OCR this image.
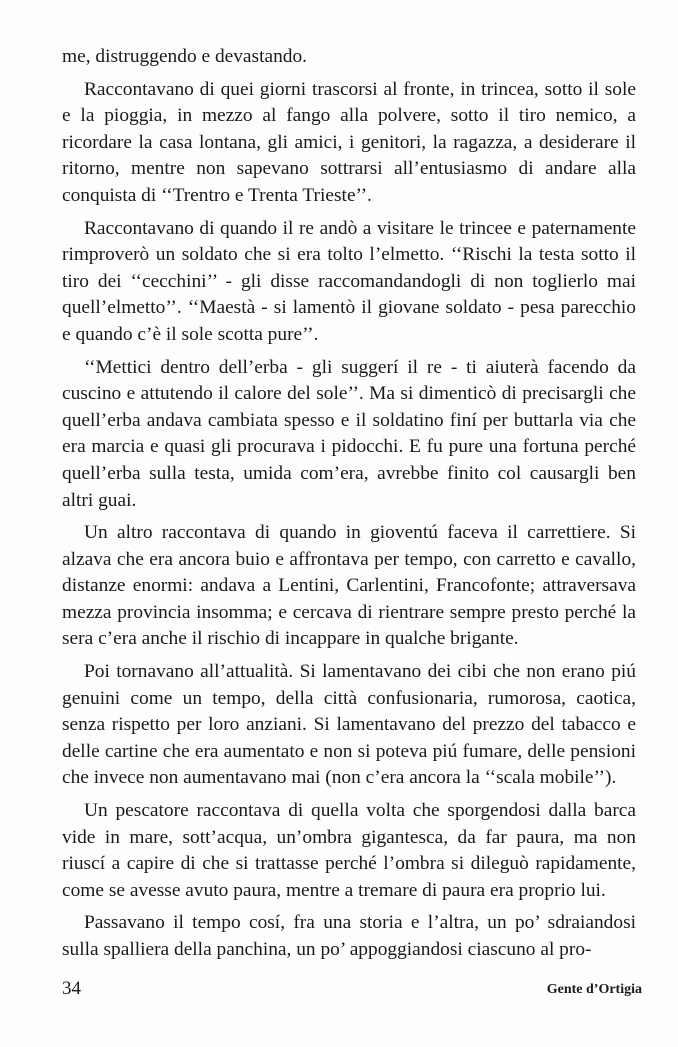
me, distruggendo e devastando.

Raccontavano di quei giorni trascorsi al fronte, in trincea, sotto il sole e la pioggia, in mezzo al fango alla polvere, sotto il tiro nemico, a ricordare la casa lontana, gli amici, i genitori, la ragazza, a desiderare il ritorno, mentre non sapevano sottrarsi all’entusiasmo di andare alla conquista di ‘‘Trentro e Trenta Trieste’’.

Raccontavano di quando il re andò a visitare le trincee e paternamente rimproverò un soldato che si era tolto l’elmetto. ‘‘Rischi la testa sotto il tiro dei ‘‘cecchini’’ - gli disse raccomandandogli di non toglierlo mai quell’elmetto’’. ‘‘Maestà - si lamentò il giovane soldato - pesa parecchio e quando c’è il sole scotta pure’’.

‘‘Mettici dentro dell’erba - gli suggerí il re - ti aiuterà facendo da cuscino e attutendo il calore del sole’’. Ma si dimenticò di precisargli che quell’erba andava cambiata spesso e il soldatino finí per buttarla via che era marcia e quasi gli procurava i pidocchi. E fu pure una fortuna perché quell’erba sulla testa, umida com’era, avrebbe finito col causargli ben altri guai.

Un altro raccontava di quando in gioventú faceva il carrettiere. Si alzava che era ancora buio e affrontava per tempo, con carretto e cavallo, distanze enormi: andava a Lentini, Carlentini, Francofonte; attraversava mezza provincia insomma; e cercava di rientrare sempre presto perché la sera c’era anche il rischio di incappare in qualche brigante.

Poi tornavano all’attualità. Si lamentavano dei cibi che non erano piú genuini come un tempo, della città confusionaria, rumorosa, caotica, senza rispetto per loro anziani. Si lamentavano del prezzo del tabacco e delle cartine che era aumentato e non si poteva piú fumare, delle pensioni che invece non aumentavano mai (non c’era ancora la ‘‘scala mobile’’).

Un pescatore raccontava di quella volta che sporgendosi dalla barca vide in mare, sott’acqua, un’ombra gigantesca, da far paura, ma non riuscí a capire di che si trattasse perché l’ombra si dileguò rapidamente, come se avesse avuto paura, mentre a tremare di paura era proprio lui.

Passavano il tempo cosí, fra una storia e l’altra, un po’ sdraiandosi sulla spalliera della panchina, un po’ appoggiandosi ciascuno al pro-

34	Gente d’Ortigia
